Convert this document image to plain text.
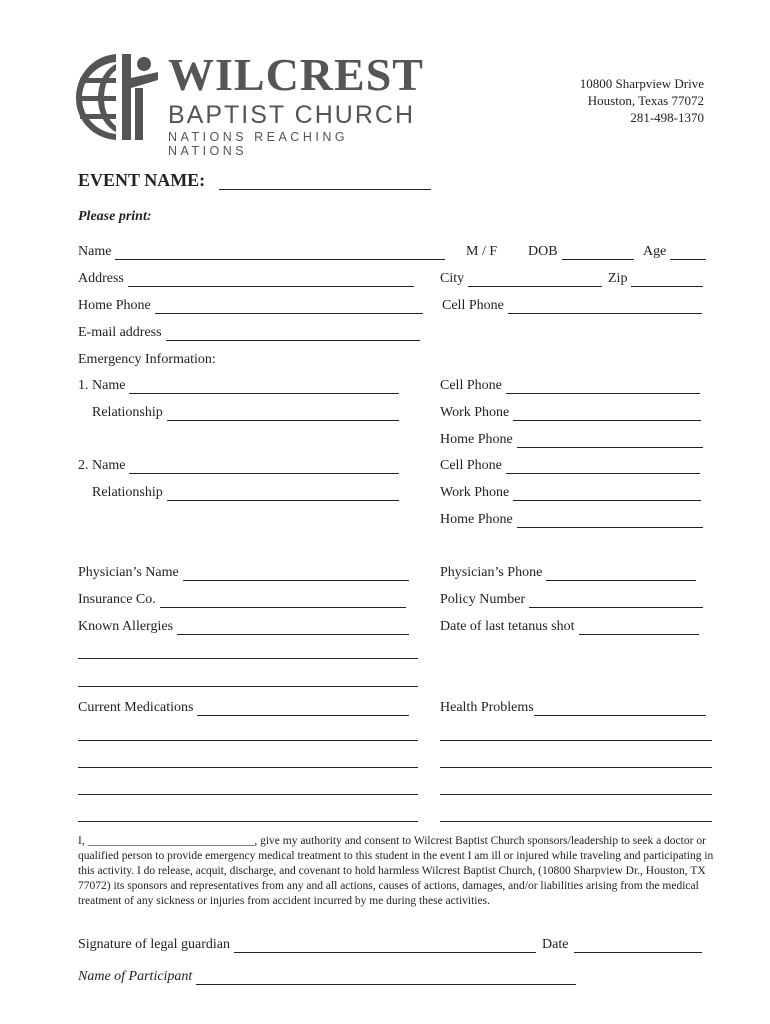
WILCREST
BAPTIST CHURCH
NATIONS REACHING NATIONS
10800 Sharpview Drive
Houston, Texas 77072
281-498-1370
EVENT NAME:
Please print:
Name	M / F DOB	Age
Address	City	Zip
Home Phone	Cell Phone
E-mail address
Emergency Information:
1. Name	Cell Phone
Relationship	Work Phone
Home Phone
2. Name	Cell Phone
Relationship	Work Phone
Home Phone
Physician’s Name	Physician’s Phone
Insurance Co.	Policy Number
Known Allergies	Date of last tetanus shot
Current Medications	Health Problems
I, _____________________________, give my authority and consent to Wilcrest Baptist Church sponsors/leadership to seek a doctor or qualified person to provide emergency medical treatment to this student in the event I am ill or injured while traveling and participating in this activity. I do release, acquit, discharge, and covenant to hold harmless Wilcrest Baptist Church, (10800 Sharpview Dr., Houston, TX 77072) its sponsors and representatives from any and all actions, causes of actions, damages, and/or liabilities arising from the medical treatment of any sickness or injuries from accident incurred by me during these activities.
Signature of legal guardian	Date
Name of Participant
